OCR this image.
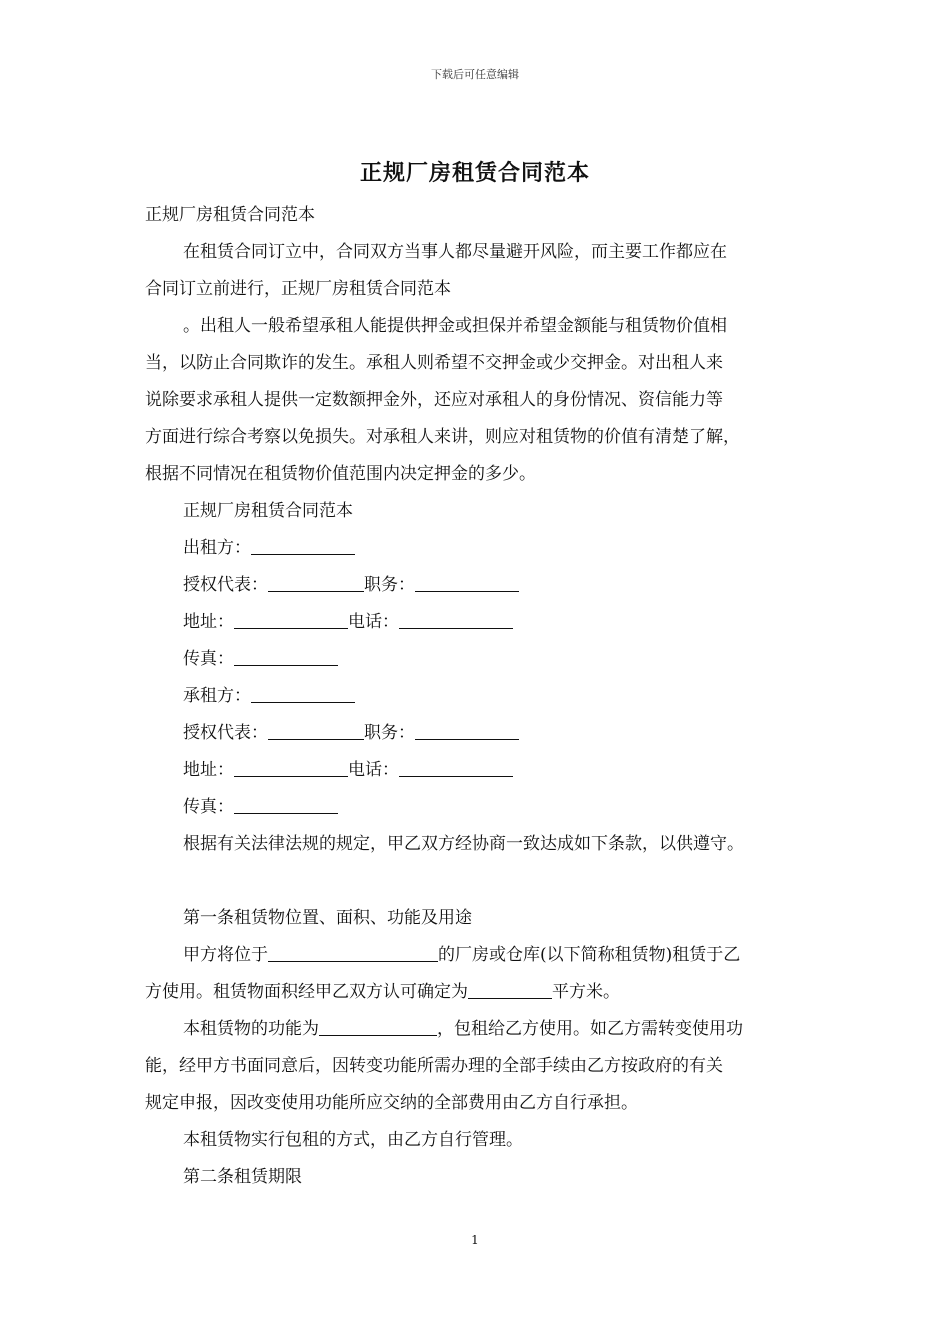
下载后可任意编辑
正规厂房租赁合同范本
正规厂房租赁合同范本
在租赁合同订立中，合同双方当事人都尽量避开风险，而主要工作都应在
合同订立前进行，正规厂房租赁合同范本
。出租人一般希望承租人能提供押金或担保并希望金额能与租赁物价值相
当，以防止合同欺诈的发生。承租人则希望不交押金或少交押金。对出租人来
说除要求承租人提供一定数额押金外，还应对承租人的身份情况、资信能力等
方面进行综合考察以免损失。对承租人来讲，则应对租赁物的价值有清楚了解，
根据不同情况在租赁物价值范围内决定押金的多少。
正规厂房租赁合同范本
出租方：
授权代表：	职务：
地址：	电话：
传真：
承租方：
授权代表：	职务：
地址：	电话：
传真：
根据有关法律法规的规定，甲乙双方经协商一致达成如下条款，以供遵守。
第一条租赁物位置、面积、功能及用途
甲方将位于	的厂房或仓库(以下简称租赁物)租赁于乙
方使用。租赁物面积经甲乙双方认可确定为	平方米。
本租赁物的功能为	，包租给乙方使用。如乙方需转变使用功
能，经甲方书面同意后，因转变功能所需办理的全部手续由乙方按政府的有关
规定申报，因改变使用功能所应交纳的全部费用由乙方自行承担。
本租赁物实行包租的方式，由乙方自行管理。
第二条租赁期限
1
